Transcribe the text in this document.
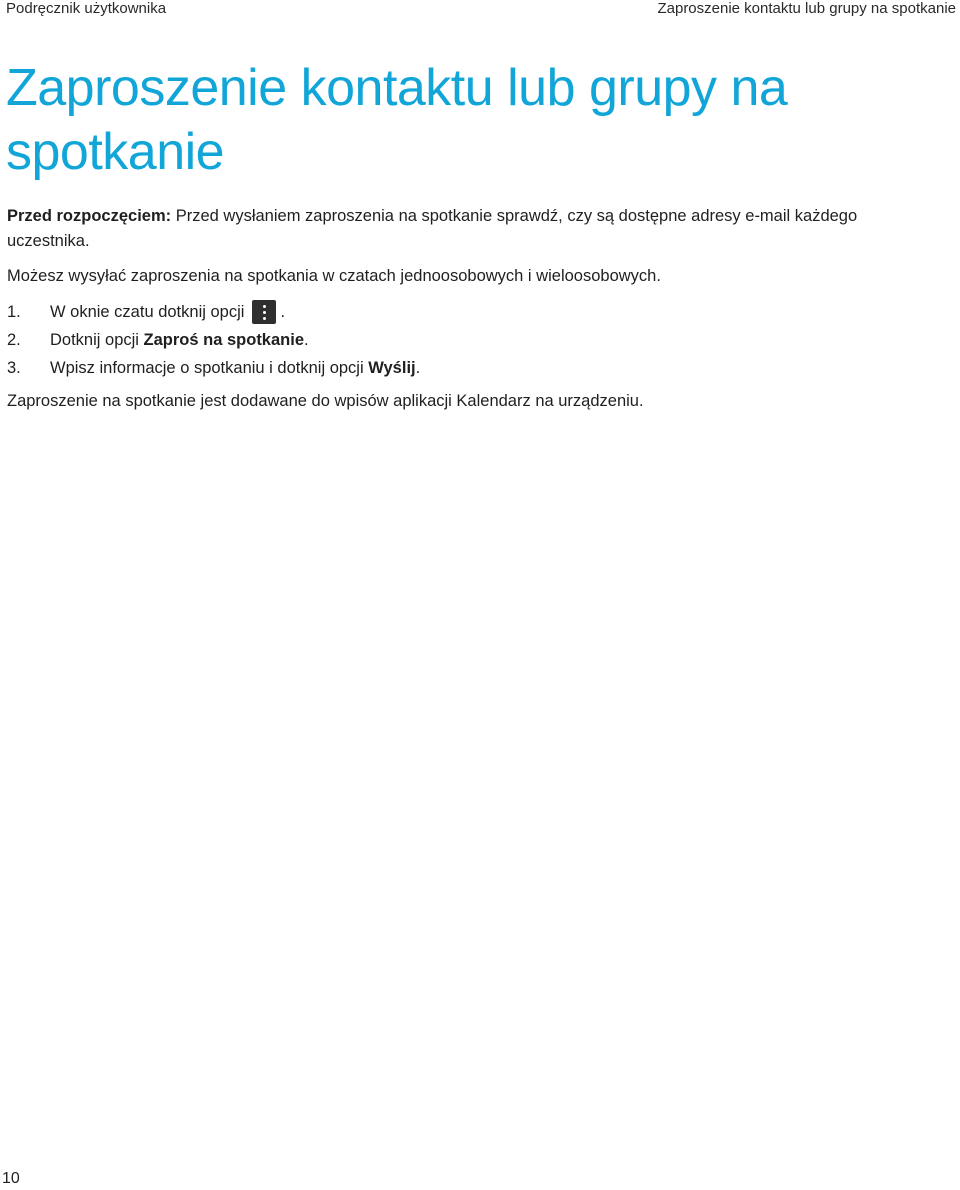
Podręcznik użytkownika	Zaproszenie kontaktu lub grupy na spotkanie
Zaproszenie kontaktu lub grupy na spotkanie

Przed rozpoczęciem: Przed wysłaniem zaproszenia na spotkanie sprawdź, czy są dostępne adresy e-mail każdego uczestnika.

Możesz wysyłać zaproszenia na spotkania w czatach jednoosobowych i wieloosobowych.

1.	W oknie czatu dotknij opcji .
2.	Dotknij opcji Zaproś na spotkanie.
3.	Wpisz informacje o spotkaniu i dotknij opcji Wyślij.

Zaproszenie na spotkanie jest dodawane do wpisów aplikacji Kalendarz na urządzeniu.

10
